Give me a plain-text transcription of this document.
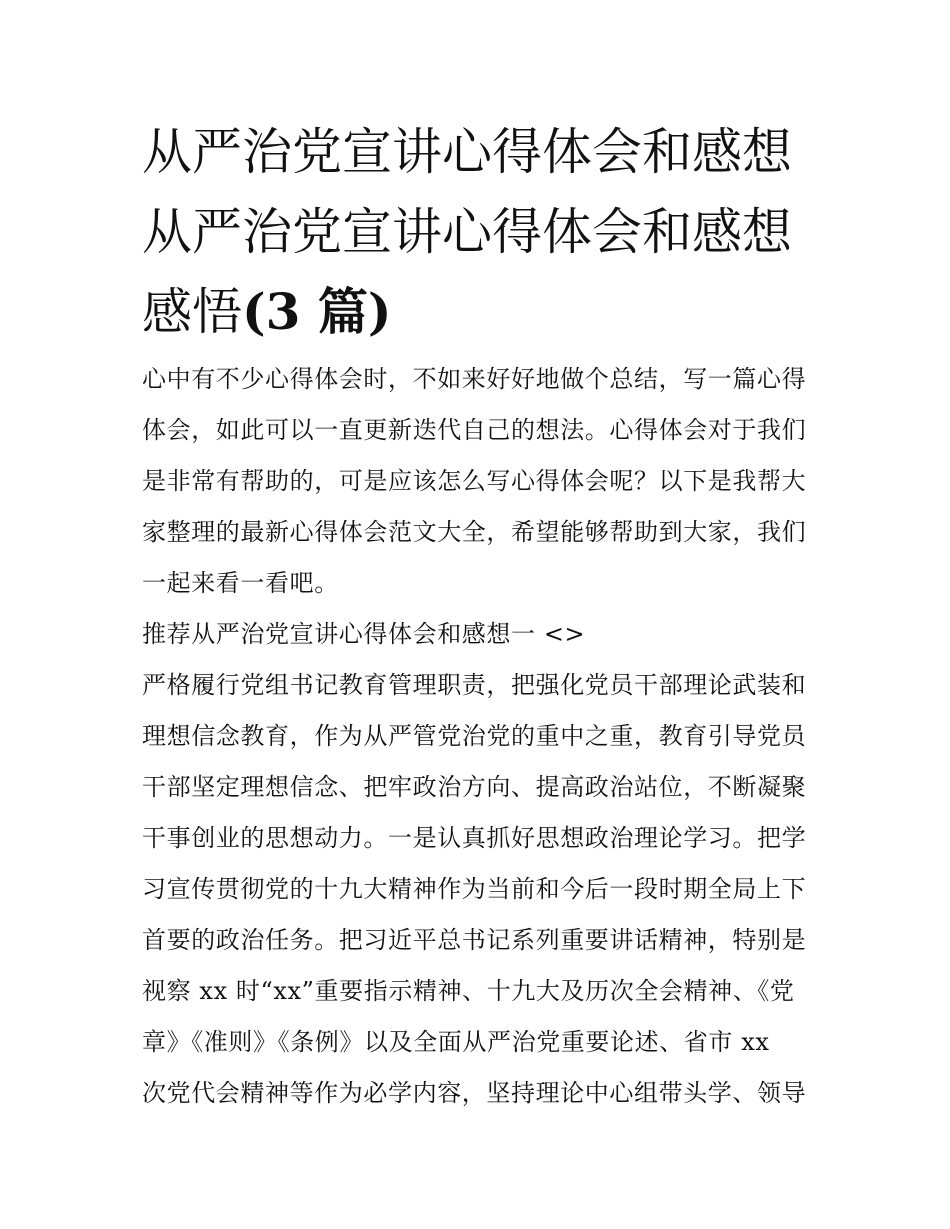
从严治党宣讲心得体会和感想
从严治党宣讲心得体会和感想
感悟(3 篇)
心中有不少心得体会时，不如来好好地做个总结，写一篇心得
体会，如此可以一直更新迭代自己的想法。心得体会对于我们
是非常有帮助的，可是应该怎么写心得体会呢？以下是我帮大
家整理的最新心得体会范文大全，希望能够帮助到大家，我们
一起来看一看吧。
推荐从严治党宣讲心得体会和感想一 <>
严格履行党组书记教育管理职责，把强化党员干部理论武装和
理想信念教育，作为从严管党治党的重中之重，教育引导党员
干部坚定理想信念、把牢政治方向、提高政治站位，不断凝聚
干事创业的思想动力。一是认真抓好思想政治理论学习。把学
习宣传贯彻党的十九大精神作为当前和今后一段时期全局上下
首要的政治任务。把习近平总书记系列重要讲话精神，特别是
视察 xx 时“xx”重要指示精神、十九大及历次全会精神、《党
章》《准则》《条例》以及全面从严治党重要论述、省市 xx
次党代会精神等作为必学内容，坚持理论中心组带头学、领导
